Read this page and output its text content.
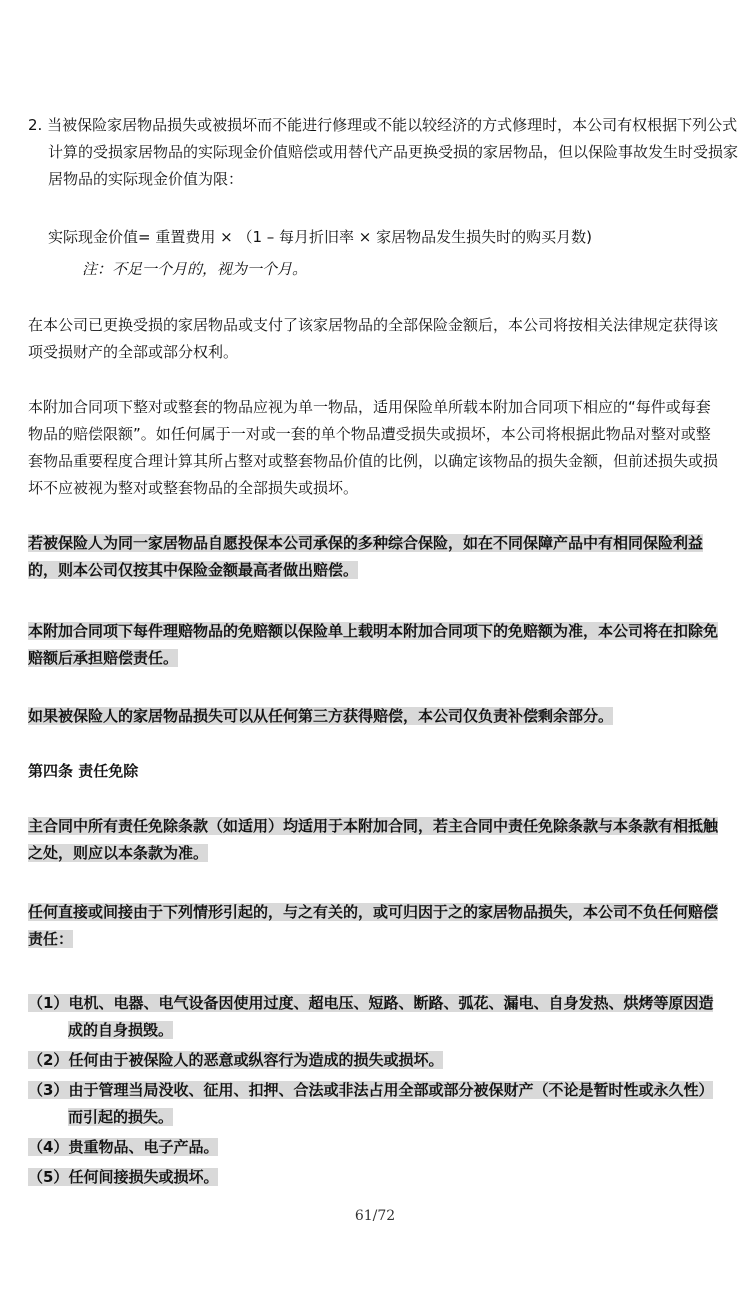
2. 当被保险家居物品损失或被损坏而不能进行修理或不能以较经济的方式修理时，本公司有权根据下列公式计算的受损家居物品的实际现金价值赔偿或用替代产品更换受损的家居物品，但以保险事故发生时受损家居物品的实际现金价值为限：

实际现金价值= 重置费用 × （1 – 每月折旧率 × 家居物品发生损失时的购买月数)

注：不足一个月的，视为一个月。

在本公司已更换受损的家居物品或支付了该家居物品的全部保险金额后，本公司将按相关法律规定获得该项受损财产的全部或部分权利。

本附加合同项下整对或整套的物品应视为单一物品，适用保险单所载本附加合同项下相应的“每件或每套物品的赔偿限额”。如任何属于一对或一套的单个物品遭受损失或损坏，本公司将根据此物品对整对或整套物品重要程度合理计算其所占整对或整套物品价值的比例，以确定该物品的损失金额，但前述损失或损坏不应被视为整对或整套物品的全部损失或损坏。

若被保险人为同一家居物品自愿投保本公司承保的多种综合保险，如在不同保障产品中有相同保险利益的，则本公司仅按其中保险金额最高者做出赔偿。

本附加合同项下每件理赔物品的免赔额以保险单上载明本附加合同项下的免赔额为准，本公司将在扣除免赔额后承担赔偿责任。

如果被保险人的家居物品损失可以从任何第三方获得赔偿，本公司仅负责补偿剩余部分。

第四条 责任免除

主合同中所有责任免除条款（如适用）均适用于本附加合同，若主合同中责任免除条款与本条款有相抵触之处，则应以本条款为准。

任何直接或间接由于下列情形引起的，与之有关的，或可归因于之的家居物品损失，本公司不负任何赔偿责任：

（1）电机、电器、电气设备因使用过度、超电压、短路、断路、弧花、漏电、自身发热、烘烤等原因造成的自身损毁。
（2）任何由于被保险人的恶意或纵容行为造成的损失或损坏。
（3）由于管理当局没收、征用、扣押、合法或非法占用全部或部分被保财产（不论是暂时性或永久性）而引起的损失。
（4）贵重物品、电子产品。
（5）任何间接损失或损坏。
61/72
